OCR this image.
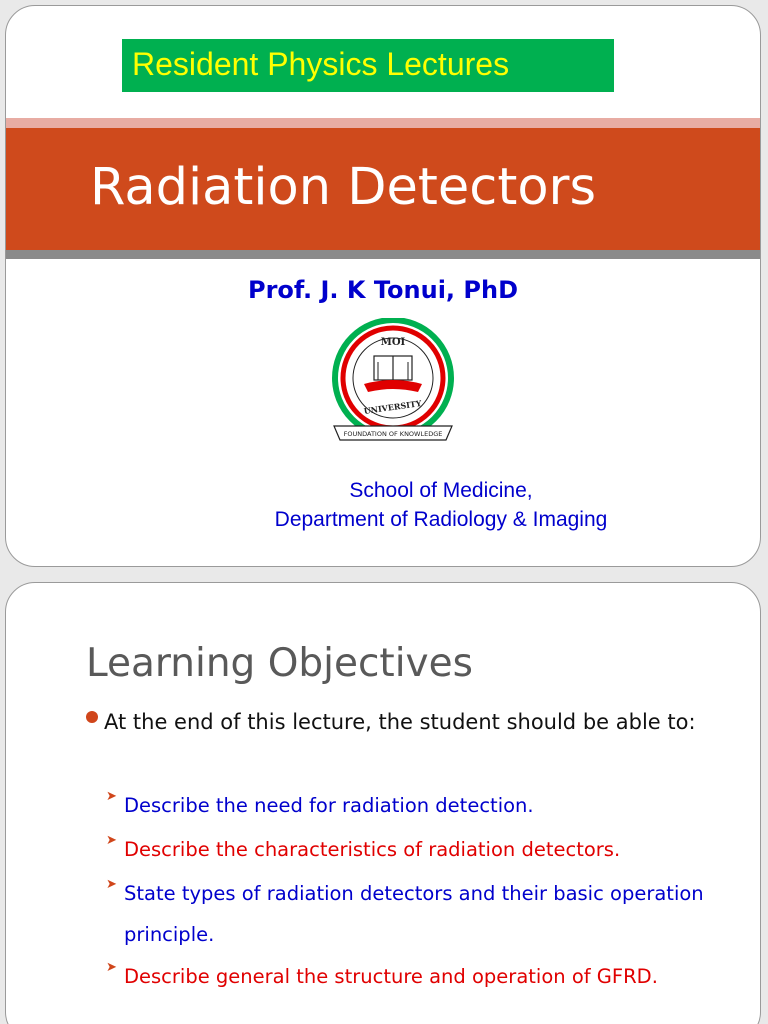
Resident Physics Lectures
Radiation Detectors
Prof. J. K Tonui, PhD
MOI
UNIVERSITY
FOUNDATION OF KNOWLEDGE
School of Medicine,
Department of Radiology & Imaging
Learning Objectives
At the end of this lecture, the student should be able to:
➤ Describe the need for radiation detection.
➤ Describe the characteristics of radiation detectors.
➤ State types of radiation detectors and their basic operation principle.
➤ Describe general the structure and operation of GFRD.
